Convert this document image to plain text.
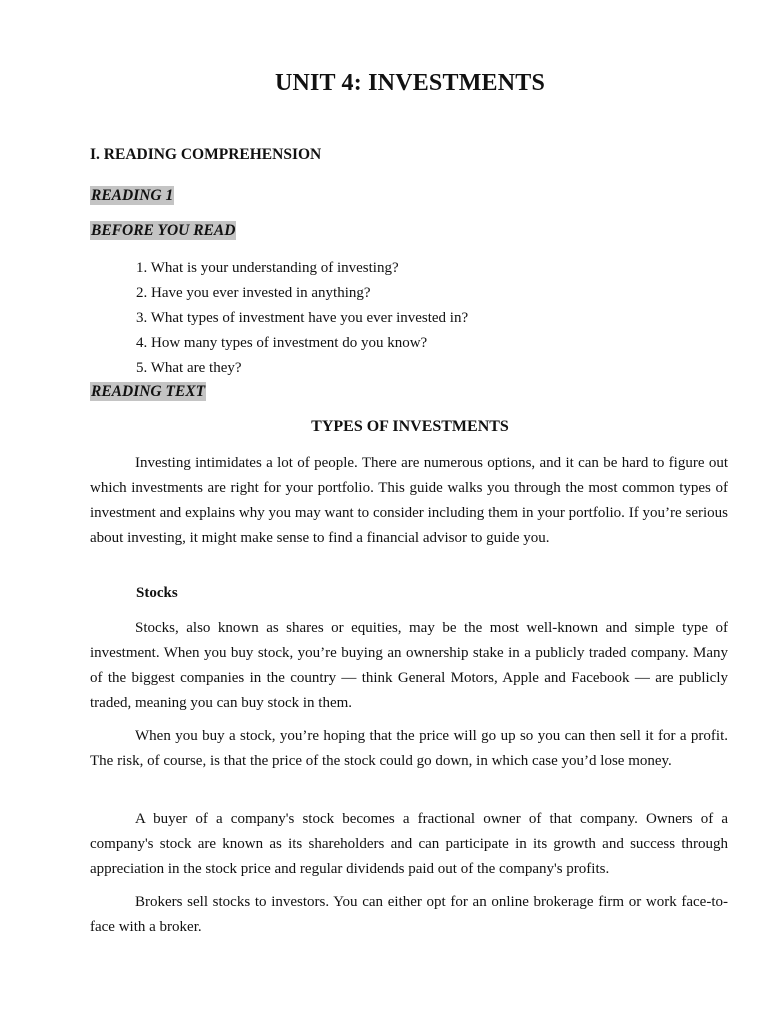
UNIT 4: INVESTMENTS
I. READING COMPREHENSION
READING 1
BEFORE YOU READ
1. What is your understanding of investing?
2. Have you ever invested in anything?
3. What types of investment have you ever invested in?
4. How many types of investment do you know?
5. What are they?
READING TEXT
TYPES OF INVESTMENTS

Investing intimidates a lot of people. There are numerous options, and it can be hard to figure out which investments are right for your portfolio. This guide walks you through the most common types of investment and explains why you may want to consider including them in your portfolio. If you’re serious about investing, it might make sense to find a financial advisor to guide you.

Stocks

Stocks, also known as shares or equities, may be the most well-known and simple type of investment. When you buy stock, you’re buying an ownership stake in a publicly traded company. Many of the biggest companies in the country — think General Motors, Apple and Facebook — are publicly traded, meaning you can buy stock in them.

When you buy a stock, you’re hoping that the price will go up so you can then sell it for a profit. The risk, of course, is that the price of the stock could go down, in which case you’d lose money.

A buyer of a company's stock becomes a fractional owner of that company. Owners of a company's stock are known as its shareholders and can participate in its growth and success through appreciation in the stock price and regular dividends paid out of the company's profits.

Brokers sell stocks to investors. You can either opt for an online brokerage firm or work face-to-face with a broker.
